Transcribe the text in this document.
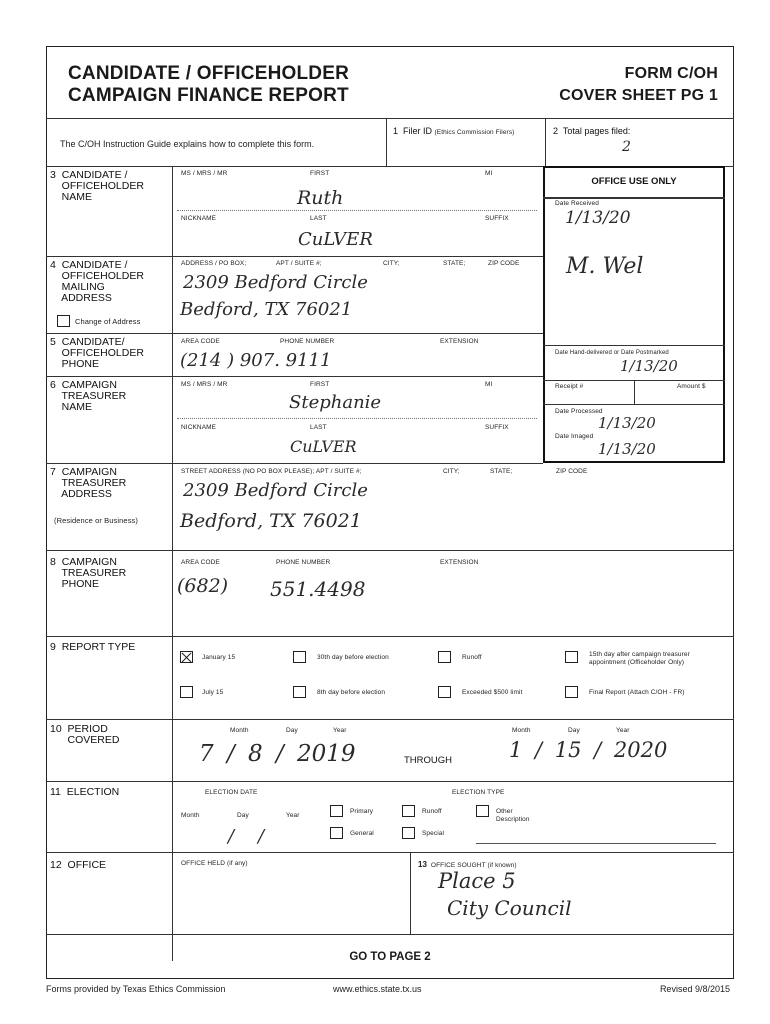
CANDIDATE / OFFICEHOLDER
CAMPAIGN FINANCE REPORT
FORM C/OH
COVER SHEET PG 1
The C/OH Instruction Guide explains how to complete this form.
1 Filer ID (Ethics Commission Filers)	2 Total pages filed:
2
OFFICE USE ONLY
Date Received
1/13/20
M. Wel
Date Hand-delivered or Date Postmarked
1/13/20
Receipt #	Amount $
Date Processed
1/13/20
Date Imaged
1/13/20
3 CANDIDATE /
OFFICEHOLDER
NAME
MS / MRS / MR	FIRST	MI
Ruth
NICKNAME	LAST	SUFFIX
CuLVER
4 CANDIDATE /
OFFICEHOLDER
MAILING
ADDRESS
Change of Address
ADDRESS / PO BOX;	APT / SUITE #;	CITY;	STATE;	ZIP CODE
2309 Bedford Circle
Bedford, TX 76021
5 CANDIDATE/
OFFICEHOLDER
PHONE
AREA CODE	PHONE NUMBER	EXTENSION
(214 ) 907. 9111
6 CAMPAIGN
TREASURER
NAME
MS / MRS / MR	FIRST	MI
Stephanie
NICKNAME	LAST	SUFFIX
CuLVER
7 CAMPAIGN
TREASURER
ADDRESS
(Residence or Business)
STREET ADDRESS (NO PO BOX PLEASE); APT / SUITE #;	CITY;	STATE;	ZIP CODE
2309 Bedford Circle
Bedford, TX 76021
8 CAMPAIGN
TREASURER
PHONE
AREA CODE	PHONE NUMBER	EXTENSION
(682) 551.4498
9 REPORT TYPE
January 15	30th day before election	Runoff	15th day after campaign treasurer appointment (Officeholder Only)
July 15	8th day before election	Exceeded $500 limit	Final Report (Attach C/OH - FR)
10 PERIOD
COVERED
Month	Day	Year
7 / 8 / 2019	THROUGH
Month	Day	Year
1 / 15 / 2020
11 ELECTION	ELECTION DATE
Month	Day	Year
/ /
ELECTION TYPE
Primary	Runoff	Other
Description
General	Special
12 OFFICE	OFFICE HELD (if any)	13 OFFICE SOUGHT (if known)
Place 5
City Council
GO TO PAGE 2
Forms provided by Texas Ethics Commission	www.ethics.state.tx.us	Revised 9/8/2015
